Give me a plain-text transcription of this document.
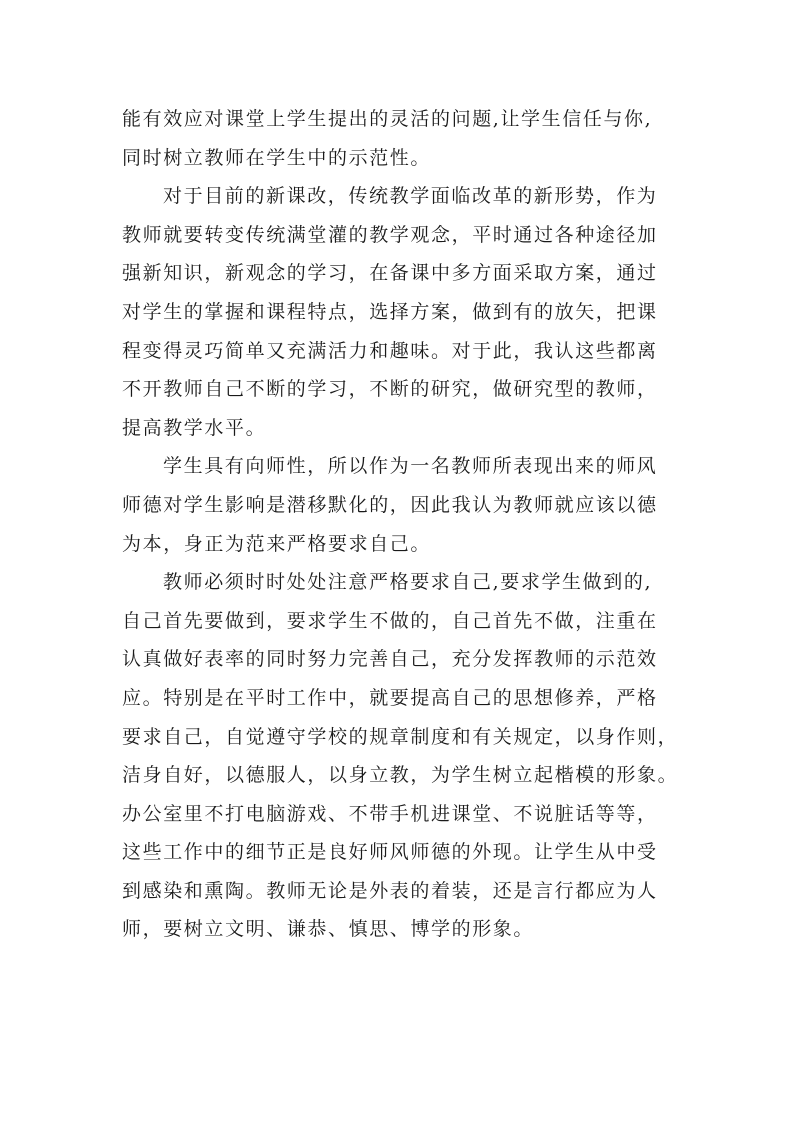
能有效应对课堂上学生提出的灵活的问题,让学生信任与你,
同时树立教师在学生中的示范性。
对于目前的新课改，传统教学面临改革的新形势，作为
教师就要转变传统满堂灌的教学观念，平时通过各种途径加
强新知识，新观念的学习，在备课中多方面采取方案，通过
对学生的掌握和课程特点，选择方案，做到有的放矢，把课
程变得灵巧简单又充满活力和趣味。对于此，我认这些都离
不开教师自己不断的学习，不断的研究，做研究型的教师，
提高教学水平。
学生具有向师性，所以作为一名教师所表现出来的师风
师德对学生影响是潜移默化的，因此我认为教师就应该以德
为本，身正为范来严格要求自己。
教师必须时时处处注意严格要求自己,要求学生做到的,
自己首先要做到，要求学生不做的，自己首先不做，注重在
认真做好表率的同时努力完善自己，充分发挥教师的示范效
应。特别是在平时工作中，就要提高自己的思想修养，严格
要求自己，自觉遵守学校的规章制度和有关规定，以身作则，
洁身自好，以德服人，以身立教，为学生树立起楷模的形象。
办公室里不打电脑游戏、不带手机进课堂、不说脏话等等，
这些工作中的细节正是良好师风师德的外现。让学生从中受
到感染和熏陶。教师无论是外表的着装，还是言行都应为人
师，要树立文明、谦恭、慎思、博学的形象。
